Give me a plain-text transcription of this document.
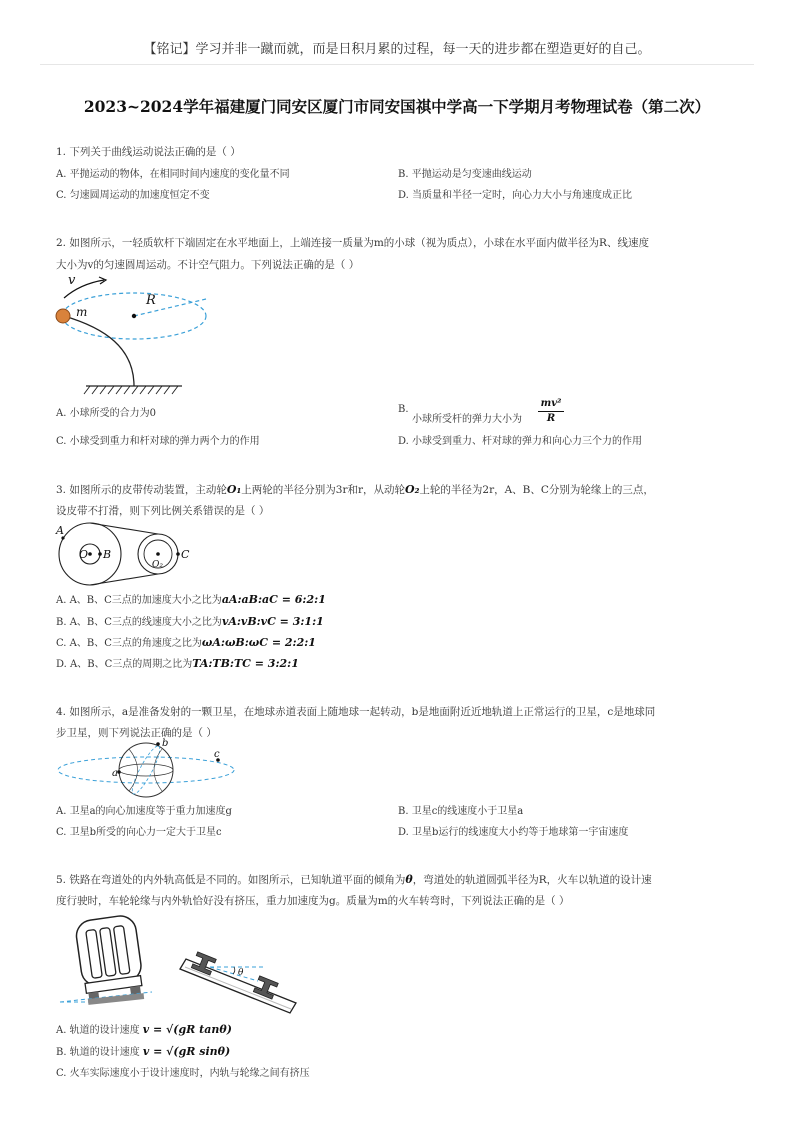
【铭记】学习并非一蹴而就，而是日积月累的过程，每一天的进步都在塑造更好的自己。
2023~2024学年福建厦门同安区厦门市同安国祺中学高一下学期月考物理试卷（第二次）
1. 下列关于曲线运动说法正确的是（ ）
A. 平抛运动的物体，在相同时间内速度的变化量不同	B. 平抛运动是匀变速曲线运动
C. 匀速圆周运动的加速度恒定不变	D. 当质量和半径一定时，向心力大小与角速度成正比
2. 如图所示，一轻质软杆下端固定在水平地面上，上端连接一质量为m的小球（视为质点），小球在水平面内做半径为R、线速度
大小为v的匀速圆周运动。不计空气阻力。下列说法正确的是（ ）
v
R
m
A. 小球所受的合力为0	B.
小球所受杆的弹力大小为
mv²
R
C. 小球受到重力和杆对球的弹力两个力的作用	D. 小球受到重力、杆对球的弹力和向心力三个力的作用
3. 如图所示的皮带传动装置，主动轮O₁上两轮的半径分别为3r和r，从动轮O₂上轮的半径为2r，A、B、C分别为轮缘上的三点，
设皮带不打滑，则下列比例关系错误的是（ ）
A
O B
O₂
C
A. A、B、C三点的加速度大小之比为aA:aB:aC = 6:2:1
B. A、B、C三点的线速度大小之比为vA:vB:vC = 3:1:1
C. A、B、C三点的角速度之比为ωA:ωB:ωC = 2:2:1
D. A、B、C三点的周期之比为TA:TB:TC = 3:2:1
4. 如图所示，a是准备发射的一颗卫星，在地球赤道表面上随地球一起转动，b是地面附近近地轨道上正常运行的卫星，c是地球同
步卫星，则下列说法正确的是（ ）
a
b
c
A. 卫星a的向心加速度等于重力加速度g	B. 卫星c的线速度小于卫星a
C. 卫星b所受的向心力一定大于卫星c	D. 卫星b运行的线速度大小约等于地球第一宇宙速度
5. 铁路在弯道处的内外轨高低是不同的。如图所示，已知轨道平面的倾角为θ，弯道处的轨道圆弧半径为R，火车以轨道的设计速
度行驶时，车轮轮缘与内外轨恰好没有挤压，重力加速度为g。质量为m的火车转弯时，下列说法正确的是（ ）
θ
A. 轨道的设计速度 v = √(gR tanθ)
B. 轨道的设计速度 v = √(gR sinθ)
C. 火车实际速度小于设计速度时，内轨与轮缘之间有挤压
